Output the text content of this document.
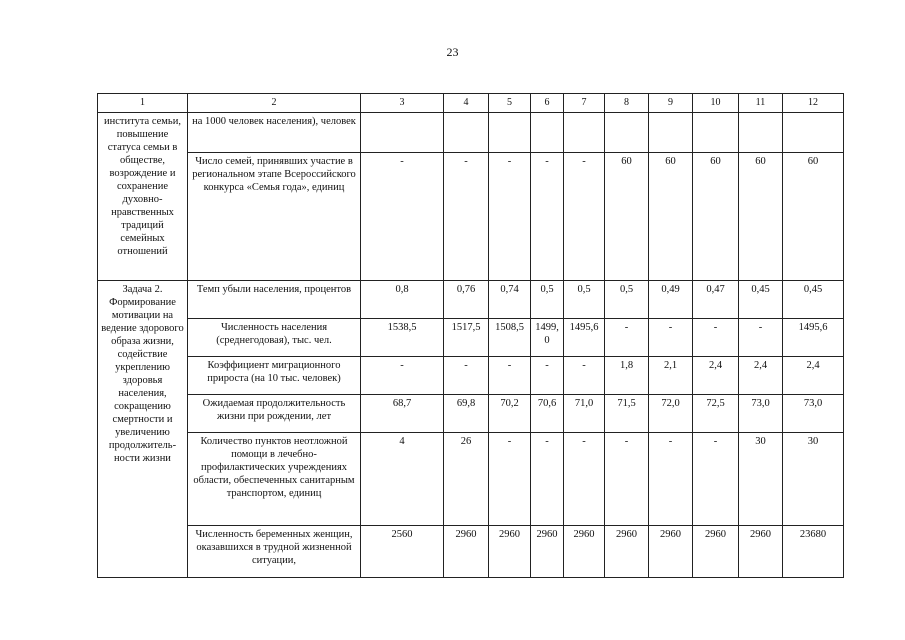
23
1	2	3	4	5	6	7	8	9	10	11	12
института семьи, повышение статуса семьи в обществе, возрождение и сохранение духовно-нравственных традиций семейных отношений	на 1000 человек населения), человек										
	Число семей, принявших участие в региональном этапе Всероссийского конкурса «Семья года», единиц	-	-	-	-	-	60	60	60	60	60
Задача 2. Формирование мотивации на ведение здорового образа жизни, содействие укреплению здоровья населения, сокращению смертности и увеличению продолжитель-ности жизни	Темп убыли населения, процентов	0,8	0,76	0,74	0,5	0,5	0,5	0,49	0,47	0,45	0,45
	Численность населения (среднегодовая), тыс. чел.	1538,5	1517,5	1508,5	1499,0	1495,6	-	-	-	-	1495,6
	Коэффициент миграционного прироста (на 10 тыс. человек)	-	-	-	-	-	1,8	2,1	2,4	2,4	2,4
	Ожидаемая продолжительность жизни при рождении, лет	68,7	69,8	70,2	70,6	71,0	71,5	72,0	72,5	73,0	73,0
	Количество пунктов неотложной помощи в лечебно-профилактических учреждениях области, обеспеченных санитарным транспортом, единиц	4	26	-	-	-	-	-	-	30	30
	Численность беременных женщин, оказавшихся в трудной жизненной ситуации,	2560	2960	2960	2960	2960	2960	2960	2960	2960	23680
